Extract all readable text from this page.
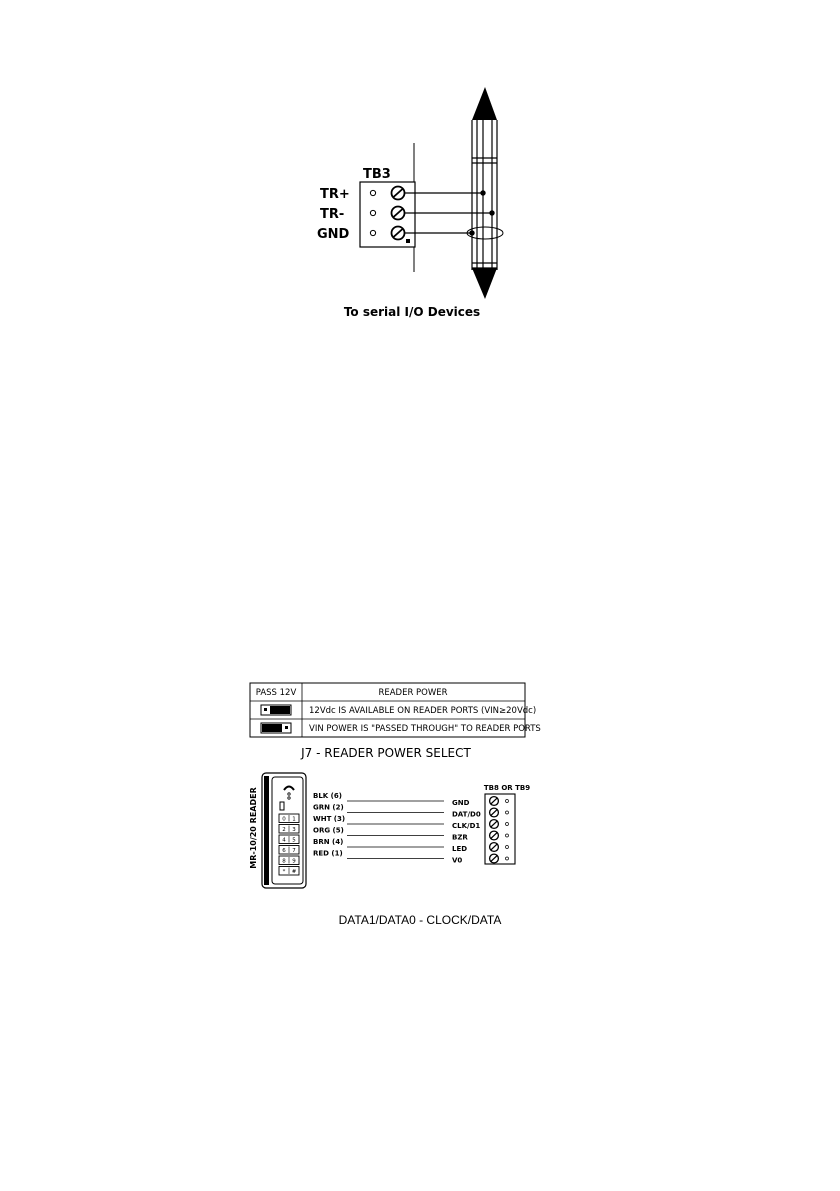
TB3
TR+
TR-
GND
To serial I/O Devices
PASS 12V	READER POWER
12Vdc IS AVAILABLE ON READER PORTS (VIN≥20Vdc)
VIN POWER IS "PASSED THROUGH" TO READER PORTS
J7 - READER POWER SELECT
MR-10/20 READER	0 1
2 3
4 5
6 7
8 9
* #
BLK (6)
GRN (2)
WHT (3)
ORG (5)
BRN (4)
RED (1)
GND
DAT/D0
CLK/D1
BZR
LED
V0
TB8 OR TB9
DATA1/DATA0 - CLOCK/DATA
